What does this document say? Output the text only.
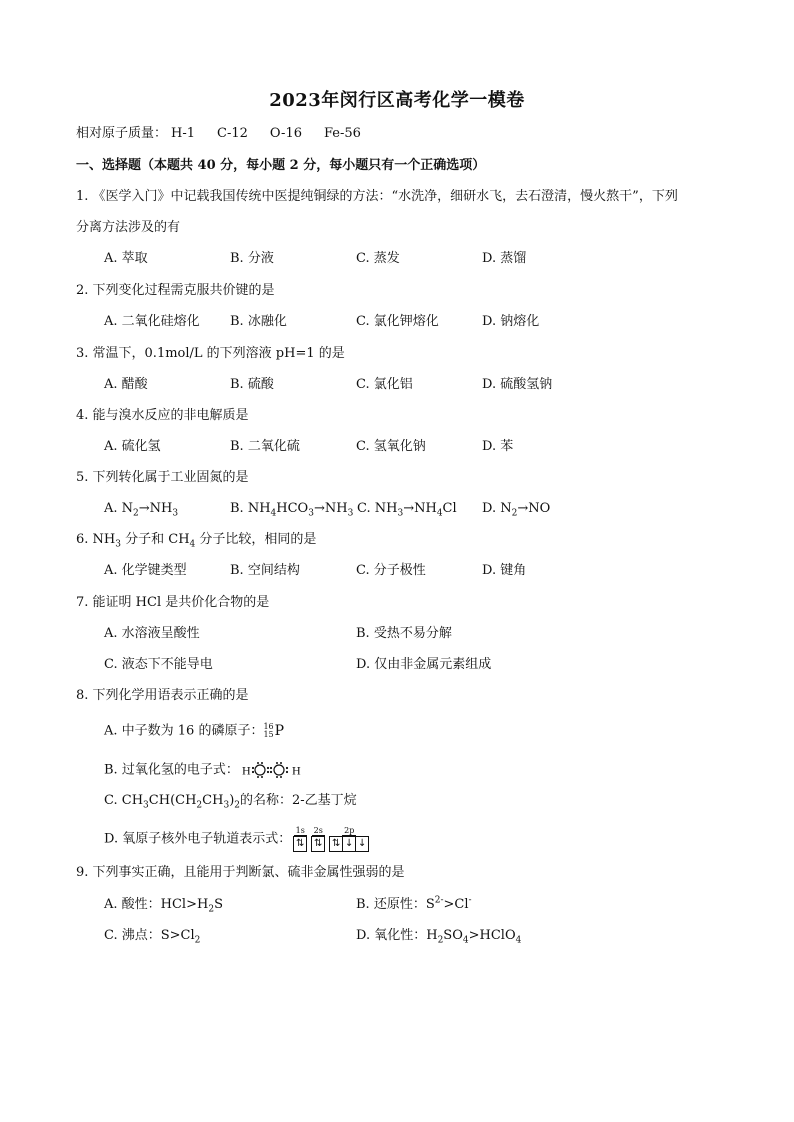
2023年闵行区高考化学一模卷
相对原子质量： H-1 C-12 O-16 Fe-56
一、选择题（本题共 40 分，每小题 2 分，每小题只有一个正确选项）
1. 《医学入门》中记载我国传统中医提纯铜绿的方法：“水洗净，细研水飞，去石澄清，慢火熬干”，下列
分离方法涉及的有
A. 萃取	B. 分液	C. 蒸发	D. 蒸馏
2. 下列变化过程需克服共价键的是
A. 二氧化硅熔化 B. 冰融化	C. 氯化钾熔化	D. 钠熔化
3. 常温下，0.1mol/L 的下列溶液 pH=1 的是
A. 醋酸	B. 硫酸	C. 氯化铝	D. 硫酸氢钠
4. 能与溴水反应的非电解质是
A. 硫化氢	B. 二氧化硫	C. 氢氧化钠	D. 苯
5. 下列转化属于工业固氮的是
A. $N_2\to NH_3$	B. $NH_4HCO_3\to NH_3$ C. $NH_3\to NH_4Cl$ D. $N_2\to NO$
6. $NH_3$ 分子和 $CH_4$ 分子比较，相同的是
A. 化学键类型	B. 空间结构	C. 分子极性	D. 键角
7. 能证明 HCl 是共价化合物的是
A. 水溶液呈酸性	B. 受热不易分解
C. 液态下不能导电	D. 仅由非金属元素组成
8. 下列化学用语表示正确的是
A. 中子数为 16 的磷原子： 16
15 P
B. 过氧化氢的电子式： H	H
C. $CH_3CH(CH_2CH_3)_2$的名称：2-乙基丁烷
D. 氧原子核外电子轨道表示式：
1s
⇅
2s
⇅
2p
⇅ ↓ ↓
9. 下列事实正确，且能用于判断氯、硫非金属性强弱的是
A. 酸性：$HCl>H_2S$	B. 还原性：$S^{2-}>Cl^-$
C. 沸点：$S>Cl_2$	D. 氧化性：$H_2SO_4>HClO_4$
